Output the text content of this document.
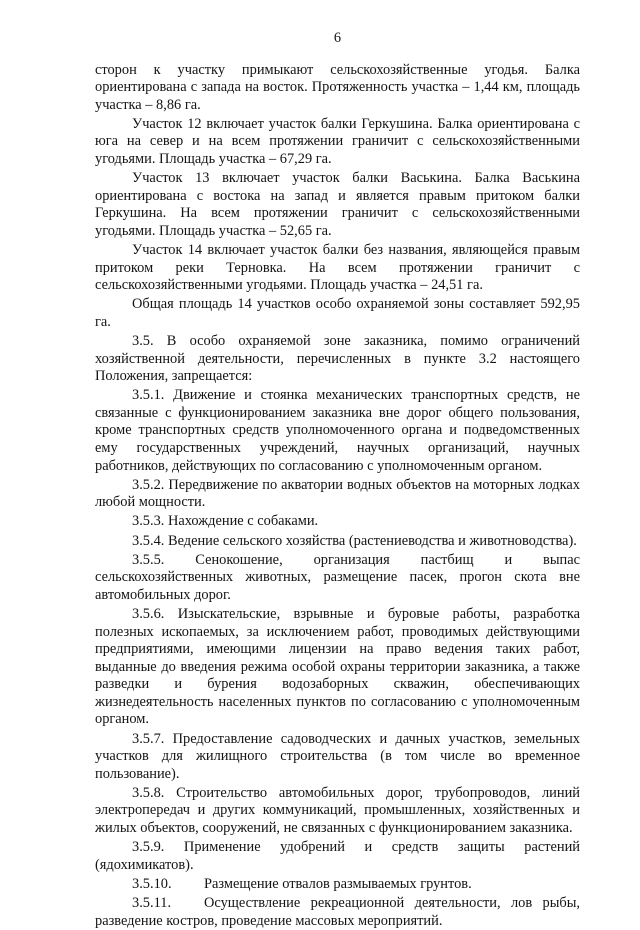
6

сторон к участку примыкают сельскохозяйственные угодья. Балка ориентирована с запада на восток. Протяженность участка – 1,44 км, площадь участка – 8,86 га.

Участок 12 включает участок балки Геркушина. Балка ориентирована с юга на север и на всем протяжении граничит с сельскохозяйственными угодьями. Площадь участка – 67,29 га.

Участок 13 включает участок балки Васькина. Балка Васькина ориентирована с востока на запад и является правым притоком балки Геркушина. На всем протяжении граничит с сельскохозяйственными угодьями. Площадь участка – 52,65 га.

Участок 14 включает участок балки без названия, являющейся правым притоком реки Терновка. На всем протяжении граничит с сельскохозяйственными угодьями. Площадь участка – 24,51 га.

Общая площадь 14 участков особо охраняемой зоны составляет 592,95 га.

3.5. В особо охраняемой зоне заказника, помимо ограничений хозяйственной деятельности, перечисленных в пункте 3.2 настоящего Положения, запрещается:

3.5.1. Движение и стоянка механических транспортных средств, не связанные с функционированием заказника вне дорог общего пользования, кроме транспортных средств уполномоченного органа и подведомственных ему государственных учреждений, научных организаций, научных работников, действующих по согласованию с уполномоченным органом.

3.5.2. Передвижение по акватории водных объектов на моторных лодках любой мощности.

3.5.3. Нахождение с собаками.

3.5.4. Ведение сельского хозяйства (растениеводства и животноводства).

3.5.5. Сенокошение, организация пастбищ и выпас сельскохозяйственных животных, размещение пасек, прогон скота вне автомобильных дорог.

3.5.6. Изыскательские, взрывные и буровые работы, разработка полезных ископаемых, за исключением работ, проводимых действующими предприятиями, имеющими лицензии на право ведения таких работ, выданные до введения режима особой охраны территории заказника, а также разведки и бурения водозаборных скважин, обеспечивающих жизнедеятельность населенных пунктов по согласованию с уполномоченным органом.

3.5.7. Предоставление садоводческих и дачных участков, земельных участков для жилищного строительства (в том числе во временное пользование).

3.5.8. Строительство автомобильных дорог, трубопроводов, линий электропередач и других коммуникаций, промышленных, хозяйственных и жилых объектов, сооружений, не связанных с функционированием заказника.

3.5.9. Применение удобрений и средств защиты растений (ядохимикатов).

3.5.10.	Размещение отвалов размываемых грунтов.
3.5.11.	Осуществление рекреационной деятельности, лов рыбы,
разведение костров, проведение массовых мероприятий.
